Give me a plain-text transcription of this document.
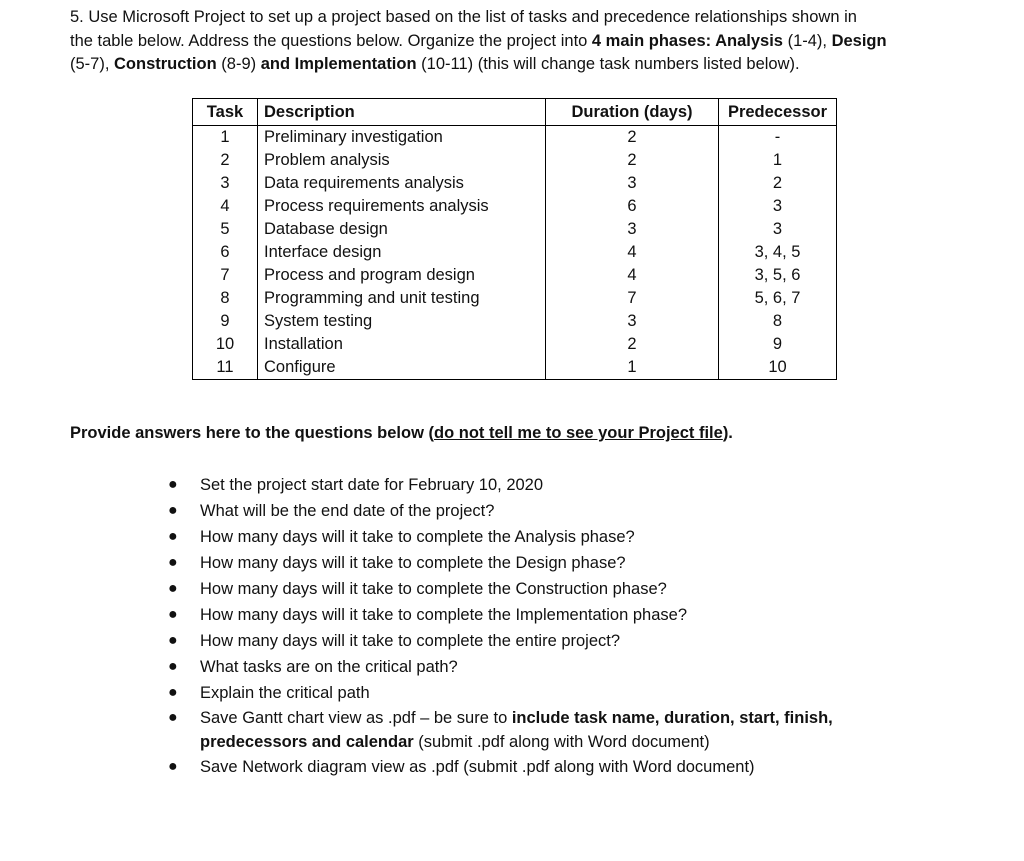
5. Use Microsoft Project to set up a project based on the list of tasks and precedence relationships shown in
the table below. Address the questions below. Organize the project into 4 main phases: Analysis (1-4), Design
(5-7), Construction (8-9) and Implementation (10-11) (this will change task numbers listed below).
Task	Description	Duration (days)	Predecessor
1	Preliminary investigation	2	-
2	Problem analysis	2	1
3	Data requirements analysis	3	2
4	Process requirements analysis	6	3
5	Database design	3	3
6	Interface design	4	3, 4, 5
7	Process and program design	4	3, 5, 6
8	Programming and unit testing	7	5, 6, 7
9	System testing	3	8
10	Installation	2	9
11	Configure	1	10
Provide answers here to the questions below (do not tell me to see your Project file).
● Set the project start date for February 10, 2020
● What will be the end date of the project?
● How many days will it take to complete the Analysis phase?
● How many days will it take to complete the Design phase?
● How many days will it take to complete the Construction phase?
● How many days will it take to complete the Implementation phase?
● How many days will it take to complete the entire project?
● What tasks are on the critical path?
● Explain the critical path
● Save Gantt chart view as .pdf – be sure to include task name, duration, start, finish, predecessors and calendar (submit .pdf along with Word document)
● Save Network diagram view as .pdf (submit .pdf along with Word document)
